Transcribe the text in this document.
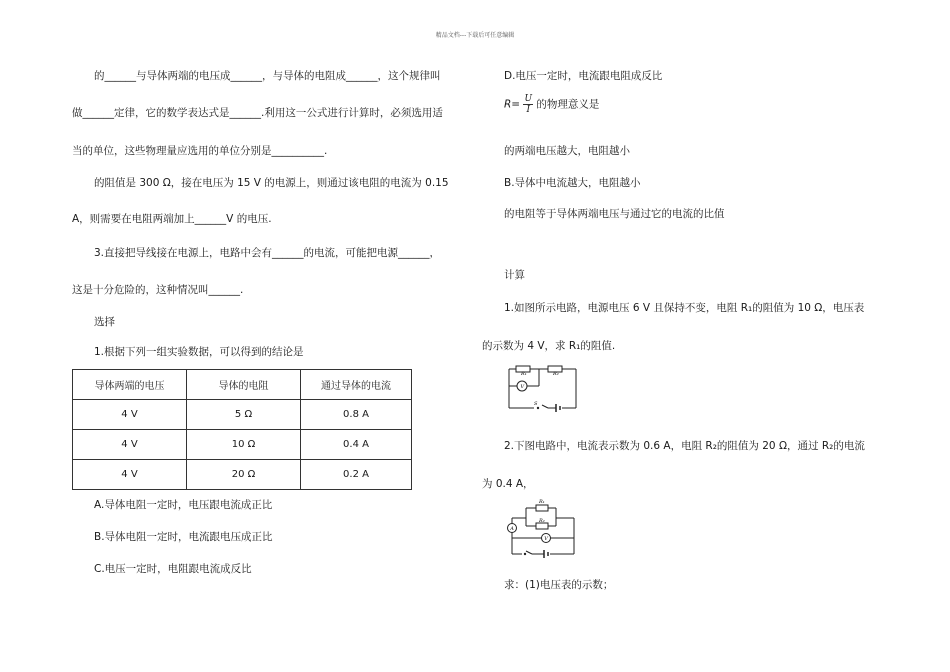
精品文档---下载后可任意编辑
的______与导体两端的电压成______，与导体的电阻成______，这个规律叫
做______定律，它的数学表达式是______.利用这一公式进行计算时，必须选用适
当的单位，这些物理量应选用的单位分别是__________.
的阻值是 300 Ω，接在电压为 15 V 的电源上，则通过该电阻的电流为 0.15
A，则需要在电阻两端加上______V 的电压.
3.直接把导线接在电源上，电路中会有______的电流，可能把电源______，
这是十分危险的，这种情况叫______.
选择
1.根据下列一组实验数据，可以得到的结论是
导体两端的电压	导体的电阻	通过导体的电流
4 V	5 Ω	0.8 A
4 V	10 Ω	0.4 A
4 V	20 Ω	0.2 A
A.导体电阻一定时，电压跟电流成正比
B.导体电阻一定时，电流跟电压成正比
C.电压一定时，电阻跟电流成反比
D.电压一定时，电流跟电阻成反比
$R= \frac{U}{I}$ 的物理意义是
的两端电压越大，电阻越小
B.导体中电流越大，电阻越小
的电阻等于导体两端电压与通过它的电流的比值
计算
1.如图所示电路，电源电压 6 V 且保持不变，电阻 R₁的阻值为 10 Ω，电压表
的示数为 4 V，求 R₁的阻值.
R₁	R₂
V
S
2.下图电路中，电流表示数为 0.6 A，电阻 R₂的阻值为 20 Ω，通过 R₂的电流
为 0.4 A，
R₁
R₂
A
V
求：(1)电压表的示数；
